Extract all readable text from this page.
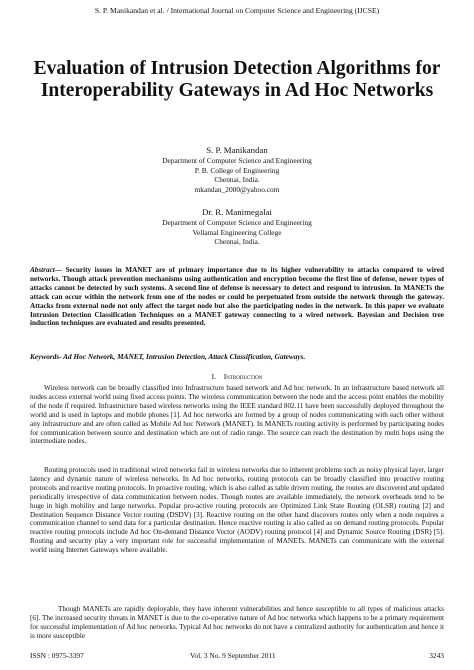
S. P. Manikandan et al. / International Journal on Computer Science and Engineering (IJCSE)
Evaluation of Intrusion Detection Algorithms for Interoperability Gateways in Ad Hoc Networks
S. P. Manikandan
Department of Computer Science and Engineering
P. B. College of Engineering
Chennai, India.
mkandan_2000@yahoo.com
Dr. R. Manimegalai
Department of Computer Science and Engineering
Vellamal Engineering College
Chennai, India.
Abstract— Security issues in MANET are of primary importance due to its higher vulnerability to attacks compared to wired networks. Though attack prevention mechanisms using authentication and encryption become the first line of defense, newer types of attacks cannot be detected by such systems. A second line of defense is necessary to detect and respond to intrusion. In MANETs the attack can occur within the network from one of the nodes or could be perpetuated from outside the network through the gateway. Attacks from external node not only affect the target node but also the participating nodes in the network. In this paper we evaluate Intrusion Detection Classification Techniques on a MANET gateway connecting to a wired network. Bayesian and Decision tree induction techniques are evaluated and results presented.
Keywords- Ad Hoc Network, MANET, Intrusion Detection, Attack Classification, Gateways.
I. Introduction

Wireless network can be broadly classified into Infrastructure based network and Ad hoc network. In an infrastructure based network all nodes access external world using fixed access points. The wireless communication between the node and the access point enables the mobility of the node if required. Infrastructure based wireless networks using the IEEE standard 802.11 have been successfully deployed throughout the world and is used in laptops and mobile phones [1]. Ad hoc networks are formed by a group of nodes communicating with each other without any infrastructure and are often called as Mobile Ad hoc Network (MANET). In MANETs routing activity is performed by participating nodes for communication between source and destination which are out of radio range. The source can reach the destination by multi hops using the intermediate nodes.

Routing protocols used in traditional wired networks fail in wireless networks due to inherent problems such as noisy physical layer, larger latency and dynamic nature of wireless networks. In Ad hoc networks, routing protocols can be broadly classified into proactive routing protocols and reactive routing protocols. In proactive routing, which is also called as table driven routing, the routes are discovered and updated periodically irrespective of data communication between nodes. Though routes are available immediately, the network overheads tend to be huge in high mobility and large networks. Popular pro-active routing protocols are Optimized Link State Routing (OLSR) routing [2] and Destination Sequence Distance Vector routing (DSDV) [3]. Reactive routing on the other hand discovers routes only when a node requires a communication channel to send data for a particular destination. Hence reactive routing is also called as on demand routing protocols. Popular reactive routing protocols include Ad hoc On-demand Distance Vector (AODV) routing protocol [4] and Dynamic Source Routing (DSR) [5]. Routing and security play a very important role for successful implementation of MANETs. MANETs can communicate with the external world using Internet Gateways where available.

Though MANETs are rapidly deployable, they have inherent vulnerabilities and hence susceptible to all types of malicious attacks [6]. The increased security threats in MANET is due to the co-operative nature of Ad hoc networks which happens to be a primary requirement for successful implementation of Ad hoc networks. Typical Ad hoc networks do not have a centralized authority for authentication and hence it is more susceptible

ISSN : 0975-3397	Vol. 3 No. 9 September 2011	3243
